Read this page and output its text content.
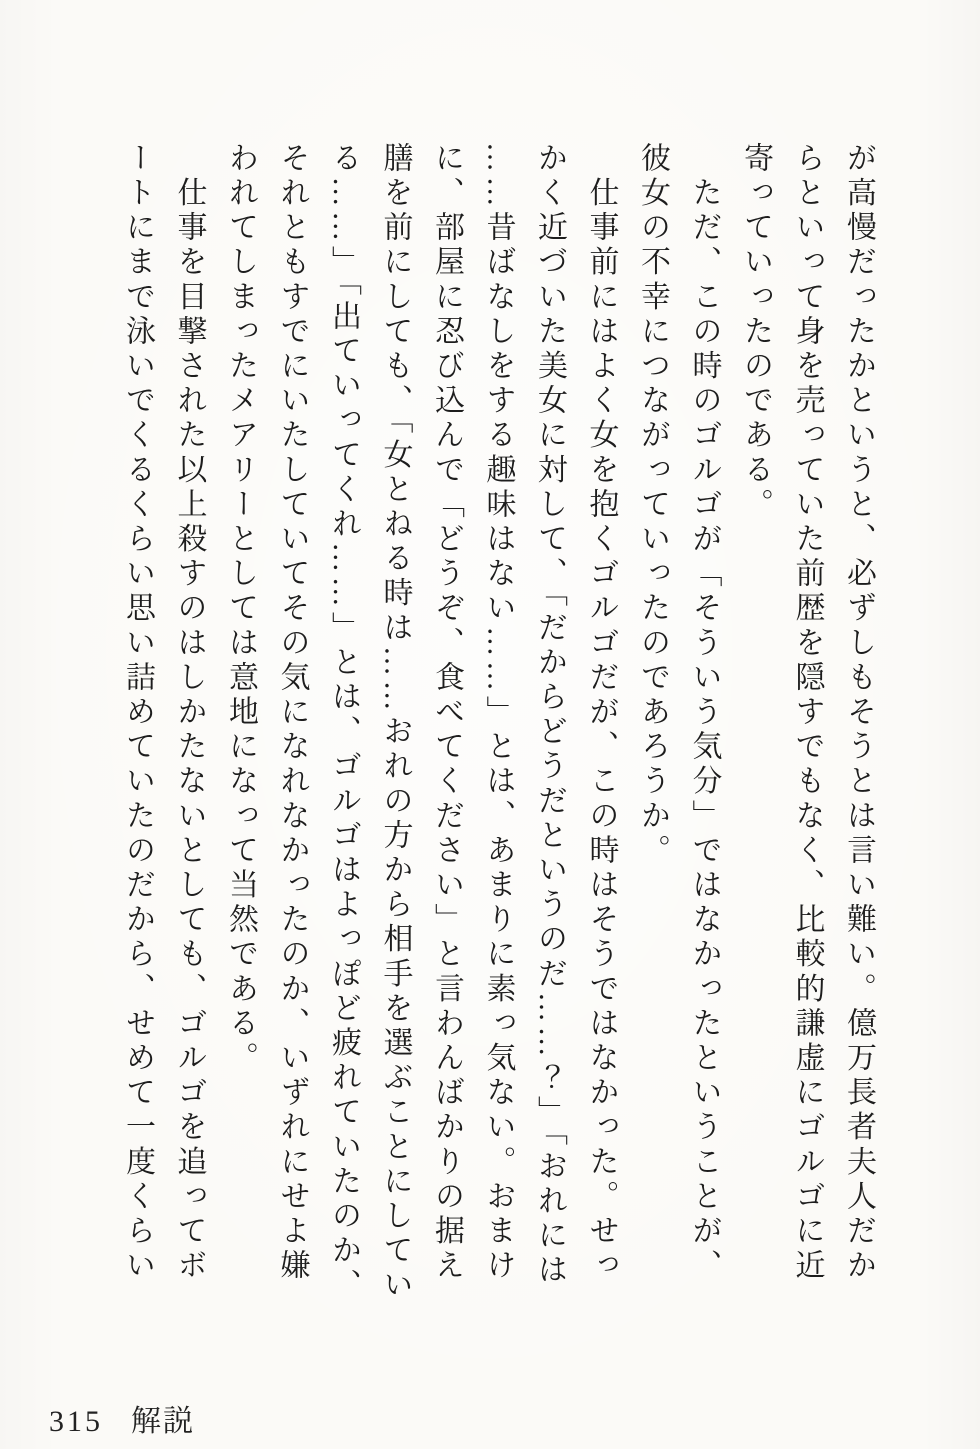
が高慢だったかというと、必ずしもそうとは言い難い。億万長者夫人だか

らといって身を売っていた前歴を隠すでもなく、比較的謙虚にゴルゴに近

寄っていったのである。

　ただ、この時のゴルゴが「そういう気分」ではなかったということが、

彼女の不幸につながっていったのであろうか。

　仕事前にはよく女を抱くゴルゴだが、この時はそうではなかった。せっ

かく近づいた美女に対して、「だからどうだというのだ……？」「おれには

……昔ばなしをする趣味はない……」とは、あまりに素っ気ない。おまけ

に、部屋に忍び込んで「どうぞ、食べてください」と言わんばかりの据え

膳を前にしても、「女とねる時は……おれの方から相手を選ぶことにしてい

る……」「出ていってくれ……」とは、ゴルゴはよっぽど疲れていたのか、

それともすでにいたしていてその気になれなかったのか、いずれにせよ嫌

われてしまったメアリーとしては意地になって当然である。

　仕事を目撃された以上殺すのはしかたないとしても、ゴルゴを追ってボ

ートにまで泳いでくるくらい思い詰めていたのだから、せめて一度くらい

315 解説
